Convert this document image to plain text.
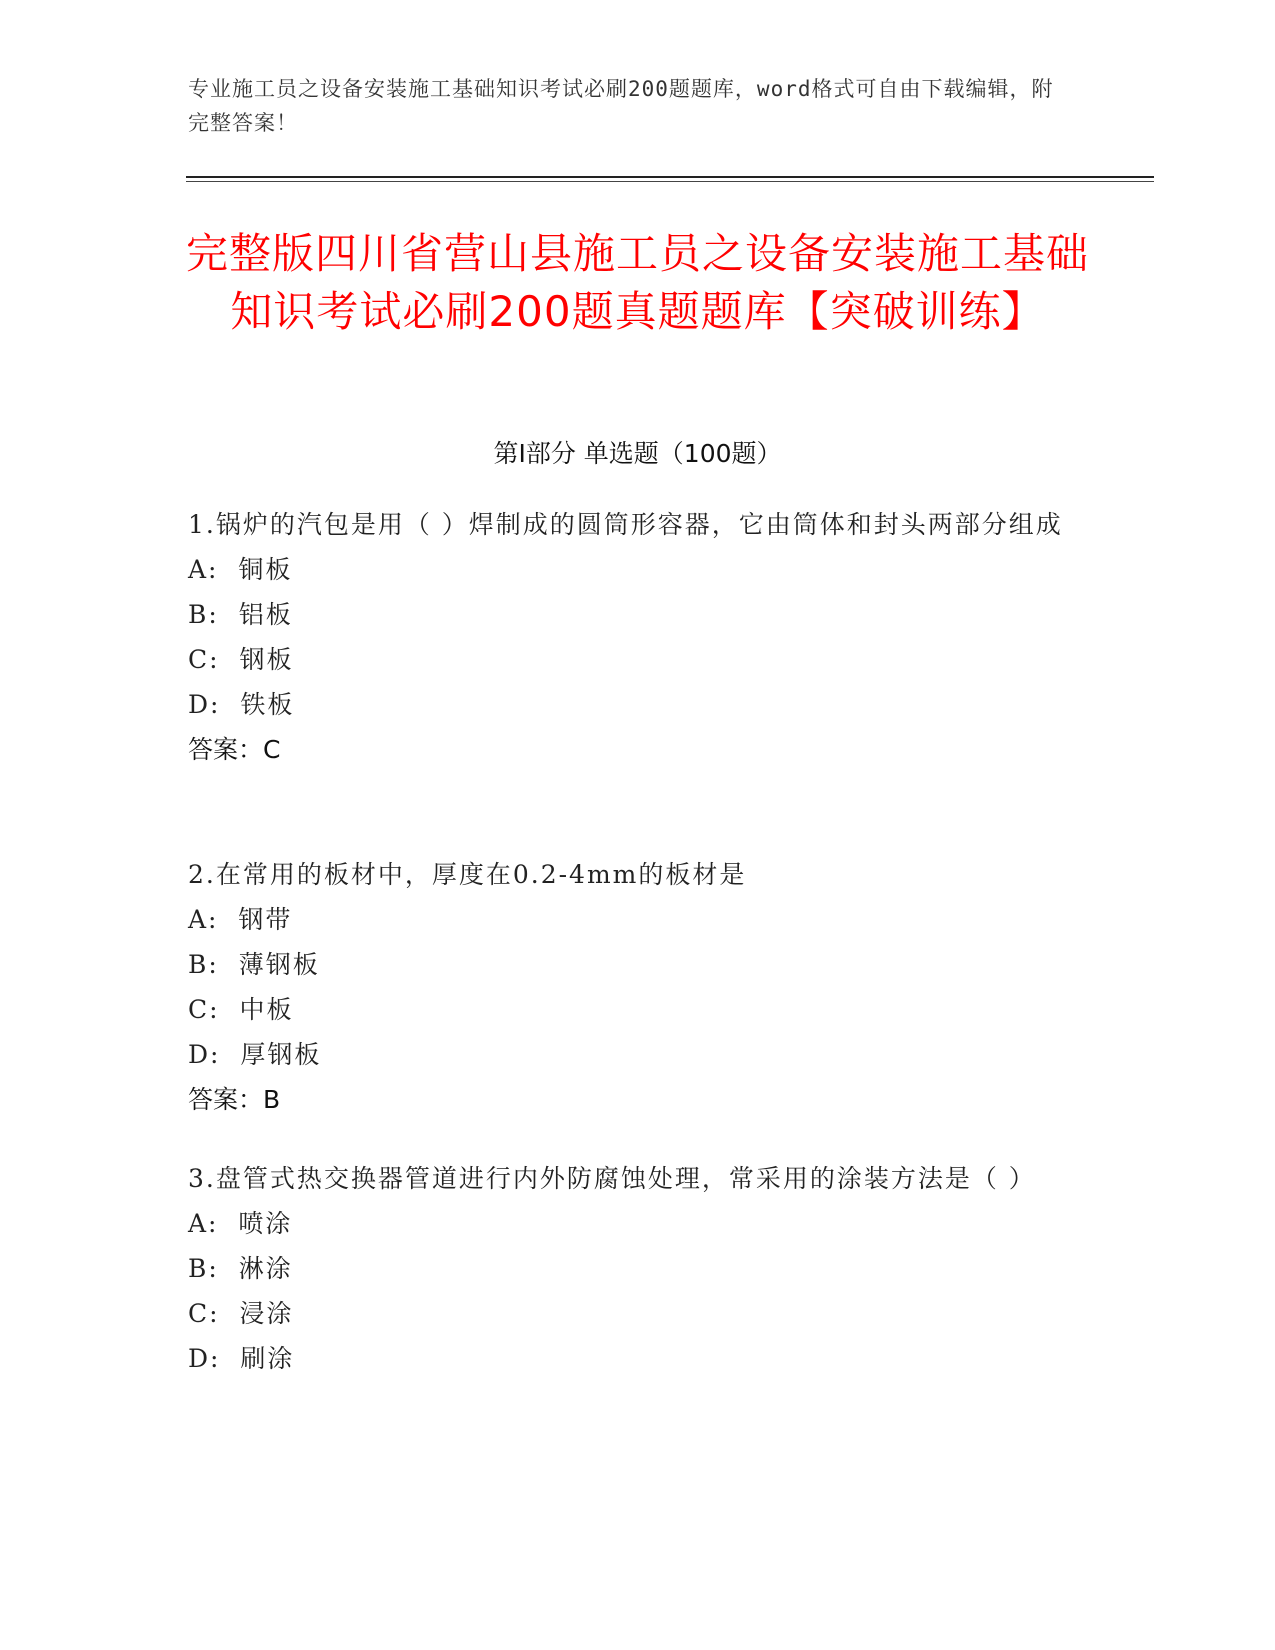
专业施工员之设备安装施工基础知识考试必刷200题题库，word格式可自由下载编辑，附完整答案！
完整版四川省营山县施工员之设备安装施工基础知识考试必刷200题真题题库【突破训练】
第Ⅰ部分 单选题（100题）

1.锅炉的汽包是用（ ）焊制成的圆筒形容器，它由筒体和封头两部分组成

A:  铜板

B:  铝板

C:  钢板

D:  铁板

答案：C

2.在常用的板材中，厚度在0.2-4mm的板材是

A:  钢带

B:  薄钢板

C:  中板

D:  厚钢板

答案：B

3.盘管式热交换器管道进行内外防腐蚀处理，常采用的涂装方法是（ ）

A:  喷涂

B:  淋涂

C:  浸涂

D:  刷涂
